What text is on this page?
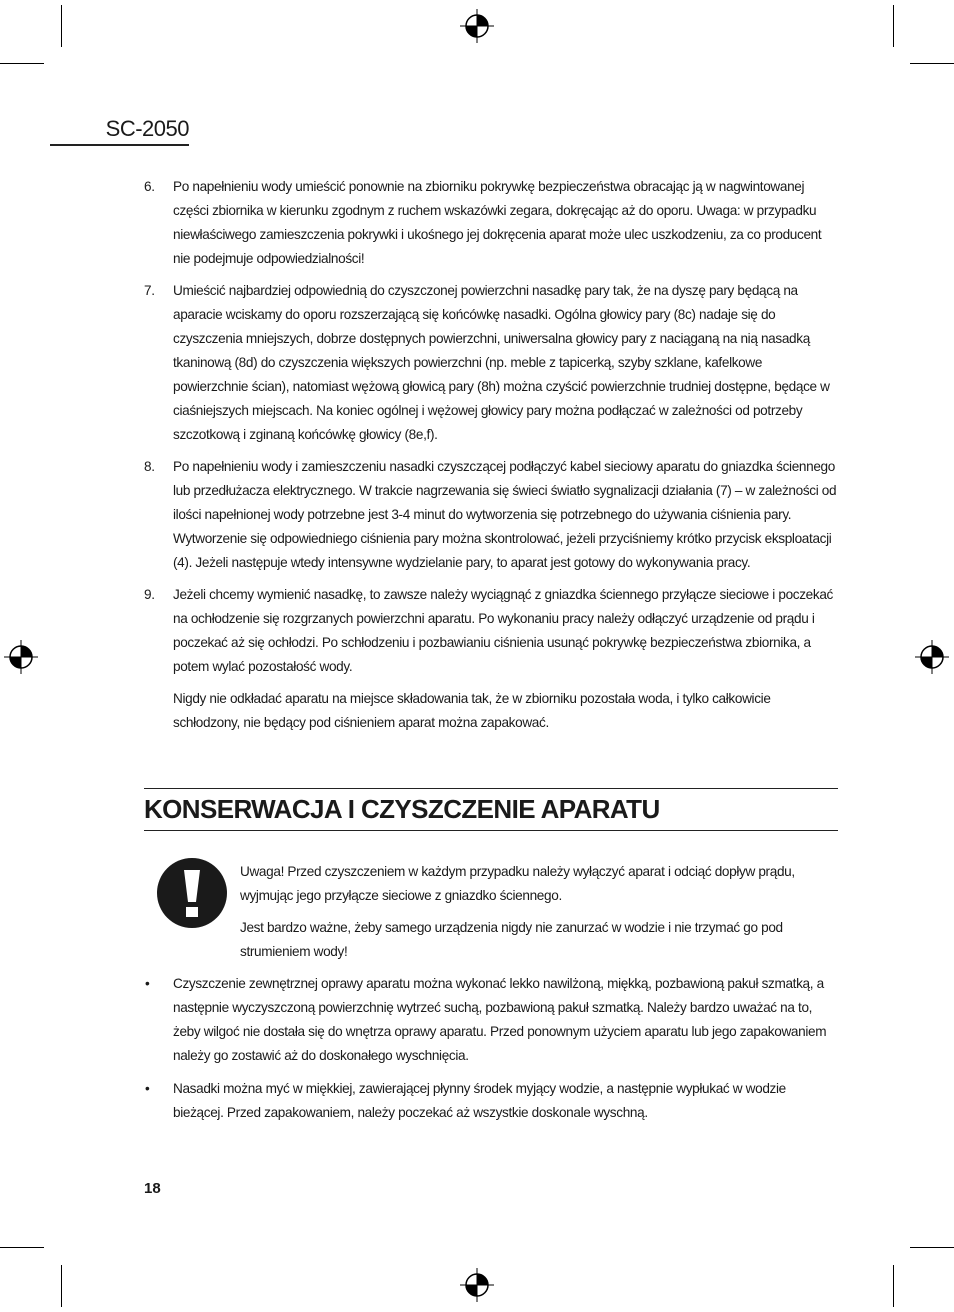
SC-2050
6. Po napełnieniu wody umieścić ponownie na zbiorniku pokrywkę bezpieczeństwa obracając ją w nagwintowanej części zbiornika w kierunku zgodnym z ruchem wskazówki zegara, dokręcając aż do oporu. Uwaga: w przypadku niewłaściwego zamieszczenia pokrywki i ukośnego jej dokręcenia aparat może ulec uszkodzeniu, za co producent nie podejmuje odpowiedzialności!

7. Umieścić najbardziej odpowiednią do czyszczonej powierzchni nasadkę pary tak, że na dyszę pary będącą na aparacie wciskamy do oporu rozszerzającą się końcówkę nasadki. Ogólna głowicy pary (8c) nadaje się do czyszczenia mniejszych, dobrze dostępnych powierzchni, uniwersalna głowicy pary z naciąganą na nią nasadką tkaninową (8d) do czyszczenia większych powierzchni (np. meble z tapicerką, szyby szklane, kafelkowe powierzchnie ścian), natomiast wężową głowicą pary (8h) można czyścić powierzchnie trudniej dostępne, będące w ciaśniejszych miejscach. Na koniec ogólnej i wężowej głowicy pary można podłączać w zależności od potrzeby szczotkową i zginaną końcówkę głowicy (8e,f).

8. Po napełnieniu wody i zamieszczeniu nasadki czyszczącej podłączyć kabel sieciowy aparatu do gniazdka ściennego lub przedłużacza elektrycznego. W trakcie nagrzewania się świeci światło sygnalizacji działania (7) – w zależności od ilości napełnionej wody potrzebne jest 3-4 minut do wytworzenia się potrzebnego do używania ciśnienia pary. Wytworzenie się odpowiedniego ciśnienia pary można skontrolować, jeżeli przyciśniemy krótko przycisk eksploatacji (4). Jeżeli następuje wtedy intensywne wydzielanie pary, to aparat jest gotowy do wykonywania pracy.

9. Jeżeli chcemy wymienić nasadkę, to zawsze należy wyciągnąć z gniazdka ściennego przyłącze sieciowe i poczekać na ochłodzenie się rozgrzanych powierzchni aparatu. Po wykonaniu pracy należy odłączyć urządzenie od prądu i poczekać aż się ochłodzi. Po schłodzeniu i pozbawianiu ciśnienia usunąć pokrywkę bezpieczeństwa zbiornika, a potem wylać pozostałość wody.

Nigdy nie odkładać aparatu na miejsce składowania tak, że w zbiorniku pozostała woda, i tylko całkowicie schłodzony, nie będący pod ciśnieniem aparat można zapakować.

KONSERWACJA I CZYSZCZENIE APARATU

Uwaga! Przed czyszczeniem w każdym przypadku należy wyłączyć aparat i odciąć dopływ prądu, wyjmując jego przyłącze sieciowe z gniazdko ściennego.

Jest bardzo ważne, żeby samego urządzenia nigdy nie zanurzać w wodzie i nie trzymać go pod strumieniem wody!

• Czyszczenie zewnętrznej oprawy aparatu można wykonać lekko nawilżoną, miękką, pozbawioną pakuł szmatką, a następnie wyczyszczoną powierzchnię wytrzeć suchą, pozbawioną pakuł szmatką. Należy bardzo uważać na to, żeby wilgoć nie dostała się do wnętrza oprawy aparatu. Przed ponownym użyciem aparatu lub jego zapakowaniem należy go zostawić aż do doskonałego wyschnięcia.
• Nasadki można myć w miękkiej, zawierającej płynny środek myjący wodzie, a następnie wypłukać w wodzie bieżącej. Przed zapakowaniem, należy poczekać aż wszystkie doskonale wyschną.
18
